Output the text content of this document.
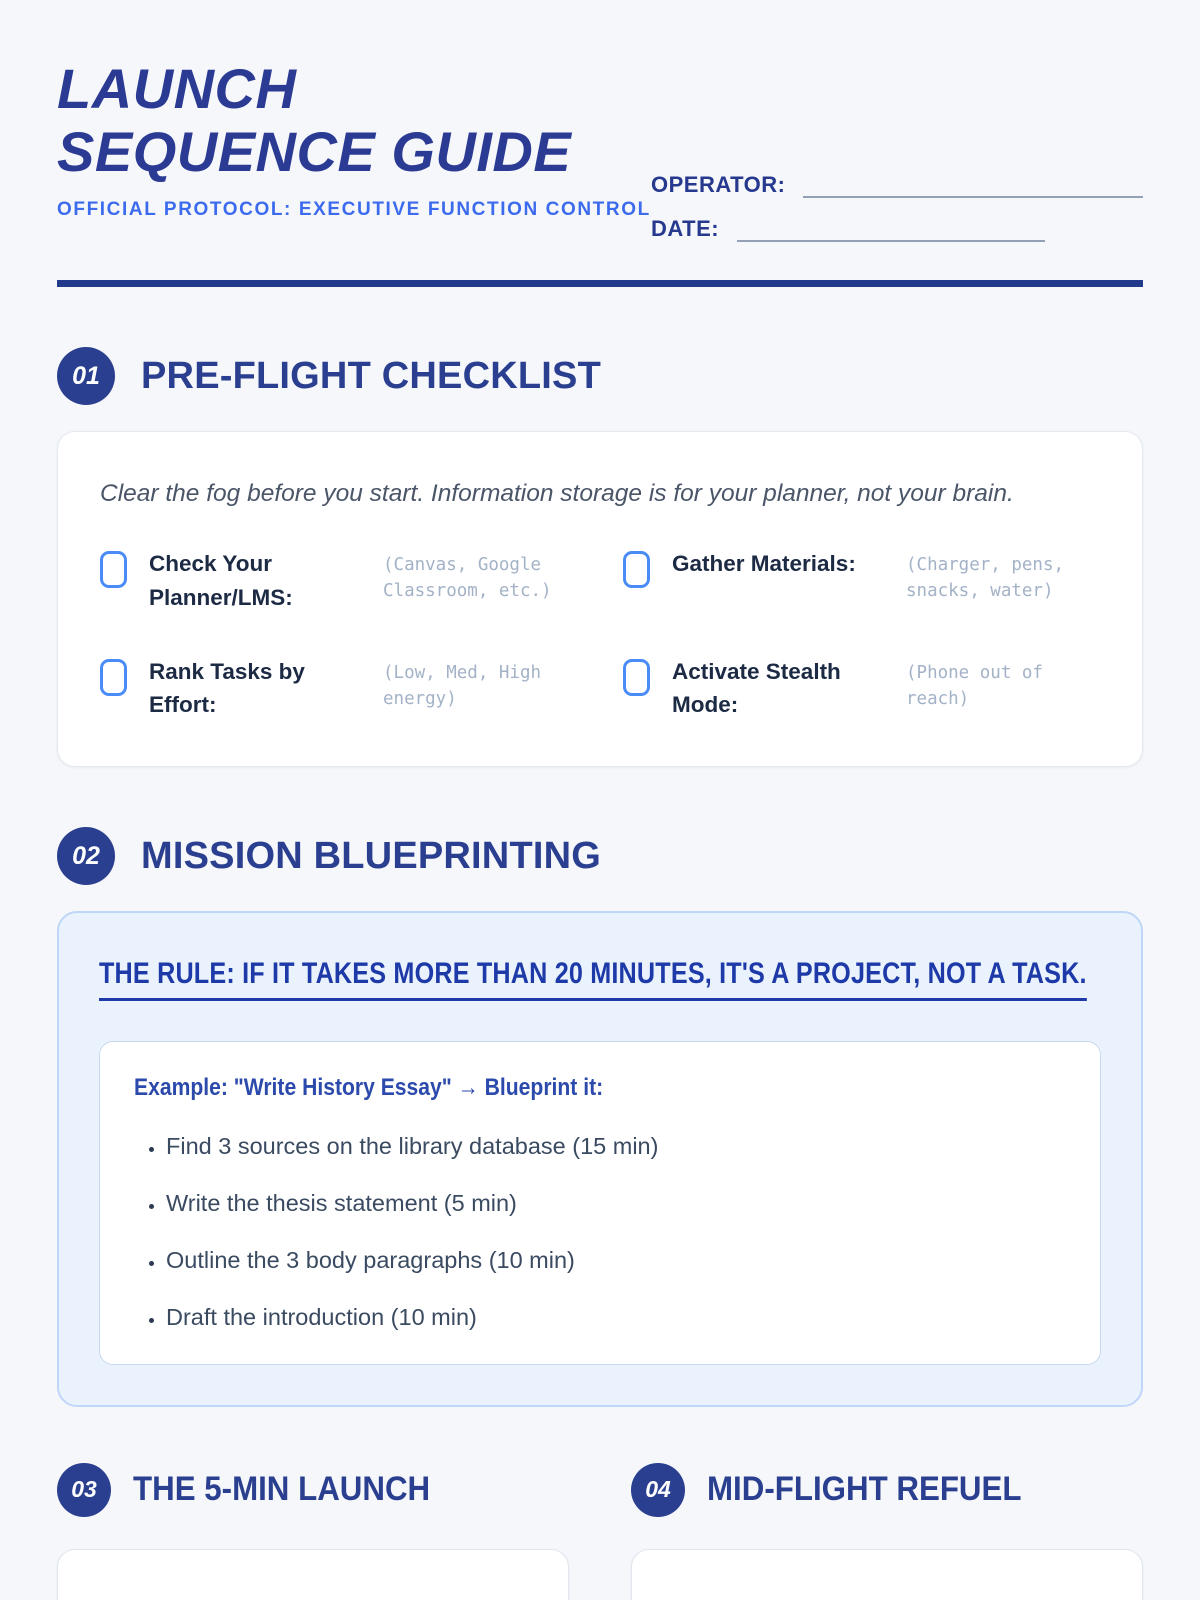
LAUNCH
SEQUENCE GUIDE
OFFICIAL PROTOCOL: EXECUTIVE FUNCTION CONTROL
OPERATOR:
DATE:
01	PRE-FLIGHT CHECKLIST

Clear the fog before you start. Information storage is for your planner, not your brain.

Check Your Planner/LMS:
(Canvas, Google Classroom, etc.)
Gather Materials:	(Charger, pens, snacks, water)
Rank Tasks by Effort:
(Low, Med, High energy)
Activate Stealth Mode:
(Phone out of reach)
02	MISSION BLUEPRINTING
THE RULE: IF IT TAKES MORE THAN 20 MINUTES, IT'S A PROJECT, NOT A TASK.
Example: "Write History Essay" → Blueprint it:
• Find 3 sources on the library database (15 min)
• Write the thesis statement (5 min)
• Outline the 3 body paragraphs (10 min)
• Draft the introduction (10 min)
03	THE 5-MIN LAUNCH	04	MID-FLIGHT REFUEL
